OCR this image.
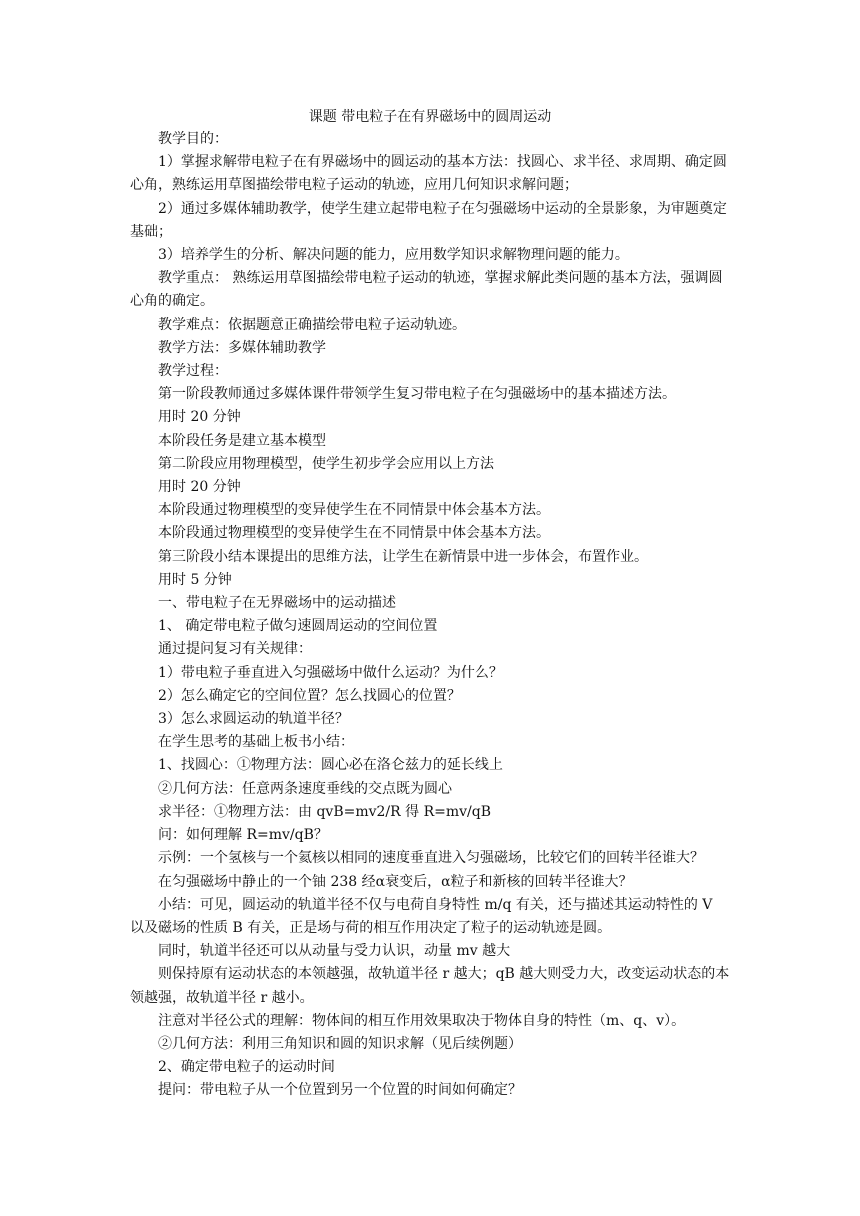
课题 带电粒子在有界磁场中的圆周运动

教学目的：

1）掌握求解带电粒子在有界磁场中的圆运动的基本方法：找圆心、求半径、求周期、确定圆心角，熟练运用草图描绘带电粒子运动的轨迹，应用几何知识求解问题；

2）通过多媒体辅助教学，使学生建立起带电粒子在匀强磁场中运动的全景影象，为审题奠定基础；

3）培养学生的分析、解决问题的能力，应用数学知识求解物理问题的能力。

教学重点： 熟练运用草图描绘带电粒子运动的轨迹，掌握求解此类问题的基本方法，强调圆心角的确定。

教学难点：依据题意正确描绘带电粒子运动轨迹。

教学方法：多媒体辅助教学

教学过程：

第一阶段教师通过多媒体课件带领学生复习带电粒子在匀强磁场中的基本描述方法。

用时 20 分钟

本阶段任务是建立基本模型

第二阶段应用物理模型，使学生初步学会应用以上方法

用时 20 分钟

本阶段通过物理模型的变异使学生在不同情景中体会基本方法。

本阶段通过物理模型的变异使学生在不同情景中体会基本方法。

第三阶段小结本课提出的思维方法，让学生在新情景中进一步体会，布置作业。

用时 5 分钟

一、带电粒子在无界磁场中的运动描述

1、 确定带电粒子做匀速圆周运动的空间位置

通过提问复习有关规律：

1）带电粒子垂直进入匀强磁场中做什么运动？为什么？

2）怎么确定它的空间位置？怎么找圆心的位置？

3）怎么求圆运动的轨道半径？

在学生思考的基础上板书小结：

1、找圆心：①物理方法：圆心必在洛仑兹力的延长线上

②几何方法：任意两条速度垂线的交点既为圆心

求半径：①物理方法：由 qvB=mv2/R 得 R=mv/qB

问：如何理解 R=mv/qB？

示例：一个氢核与一个氦核以相同的速度垂直进入匀强磁场，比较它们的回转半径谁大？

在匀强磁场中静止的一个铀 238 经α衰变后，α粒子和新核的回转半径谁大？

小结：可见，圆运动的轨道半径不仅与电荷自身特性 m/q 有关，还与描述其运动特性的 V 以及磁场的性质 B 有关，正是场与荷的相互作用决定了粒子的运动轨迹是圆。

同时，轨道半径还可以从动量与受力认识，动量 mv 越大

则保持原有运动状态的本领越强，故轨道半径 r 越大；qB 越大则受力大，改变运动状态的本领越强，故轨道半径 r 越小。

注意对半径公式的理解：物体间的相互作用效果取决于物体自身的特性（m、q、v）。

②几何方法：利用三角知识和圆的知识求解（见后续例题）

2、确定带电粒子的运动时间

提问：带电粒子从一个位置到另一个位置的时间如何确定？
